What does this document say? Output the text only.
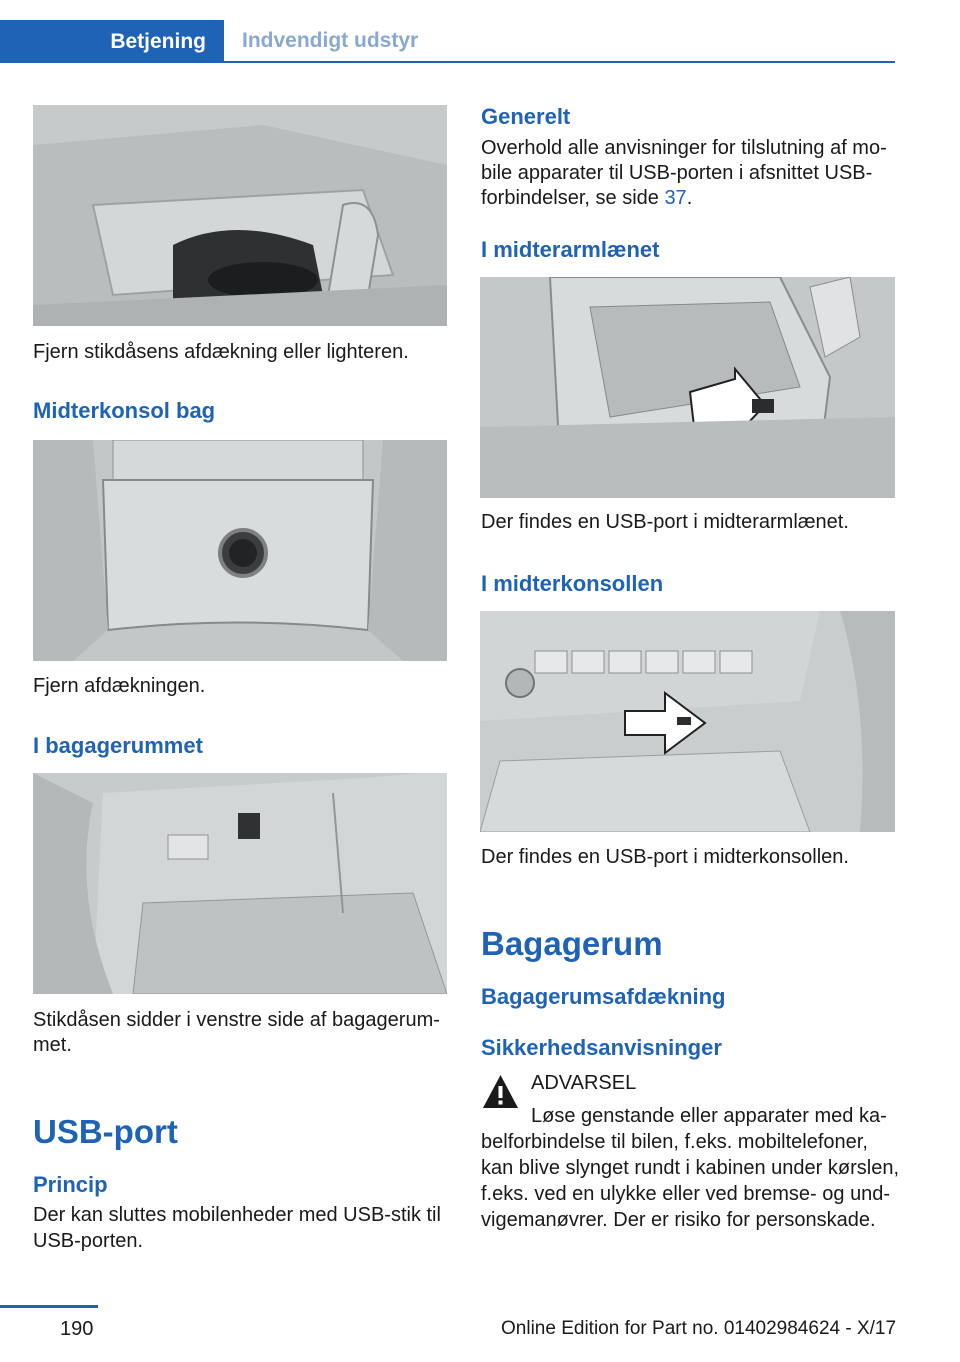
Betjening	Indvendigt udstyr
Fjern stikdåsens afdækning eller lighteren.
Midterkonsol bag
Fjern afdækningen.
I bagagerummet
Stikdåsen sidder i venstre side af bagagerum-
met.
USB-port
Princip
Der kan sluttes mobilenheder med USB-stik til
USB-porten.
Generelt
Overhold alle anvisninger for tilslutning af mo-
bile apparater til USB-porten i afsnittet USB-
forbindelser, se side 37.
I midterarmlænet
Der findes en USB-port i midterarmlænet.
I midterkonsollen
Der findes en USB-port i midterkonsollen.
Bagagerum
Bagagerumsafdækning
Sikkerhedsanvisninger
ADVARSEL
Løse genstande eller apparater med ka-
belforbindelse til bilen, f.eks. mobiltelefoner,
kan blive slynget rundt i kabinen under kørslen,
f.eks. ved en ulykke eller ved bremse- og und-
vigemanøvrer. Der er risiko for personskade.
190	Online Edition for Part no. 01402984624 - X/17
